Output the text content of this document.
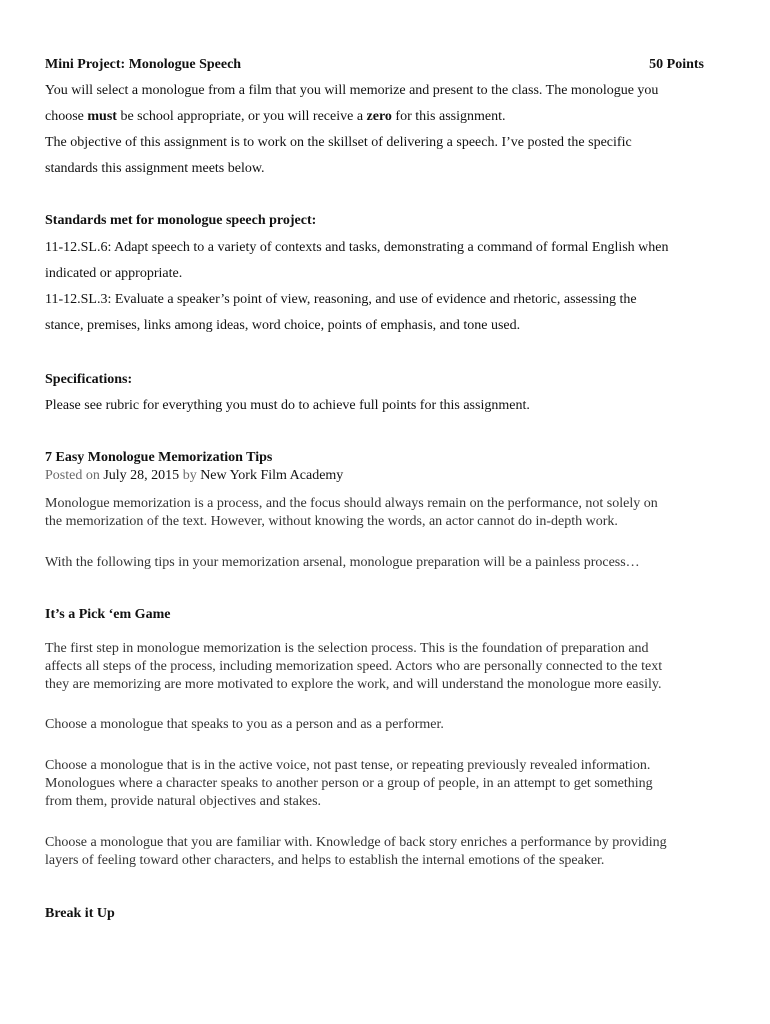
Mini Project: Monologue Speech	50 Points
You will select a monologue from a film that you will memorize and present to the class. The monologue you
choose must be school appropriate, or you will receive a zero for this assignment.
The objective of this assignment is to work on the skillset of delivering a speech. I’ve posted the specific
standards this assignment meets below.
Standards met for monologue speech project:
11-12.SL.6: Adapt speech to a variety of contexts and tasks, demonstrating a command of formal English when
indicated or appropriate.
11-12.SL.3: Evaluate a speaker’s point of view, reasoning, and use of evidence and rhetoric, assessing the
stance, premises, links among ideas, word choice, points of emphasis, and tone used.
Specifications:
Please see rubric for everything you must do to achieve full points for this assignment.
7 Easy Monologue Memorization Tips
Posted on July 28, 2015 by New York Film Academy
Monologue memorization is a process, and the focus should always remain on the performance, not solely on
the memorization of the text. However, without knowing the words, an actor cannot do in-depth work.
With the following tips in your memorization arsenal, monologue preparation will be a painless process…
It’s a Pick ‘em Game
The first step in monologue memorization is the selection process. This is the foundation of preparation and
affects all steps of the process, including memorization speed. Actors who are personally connected to the text
they are memorizing are more motivated to explore the work, and will understand the monologue more easily.
Choose a monologue that speaks to you as a person and as a performer.
Choose a monologue that is in the active voice, not past tense, or repeating previously revealed information.
Monologues where a character speaks to another person or a group of people, in an attempt to get something
from them, provide natural objectives and stakes.
Choose a monologue that you are familiar with. Knowledge of back story enriches a performance by providing
layers of feeling toward other characters, and helps to establish the internal emotions of the speaker.
Break it Up
